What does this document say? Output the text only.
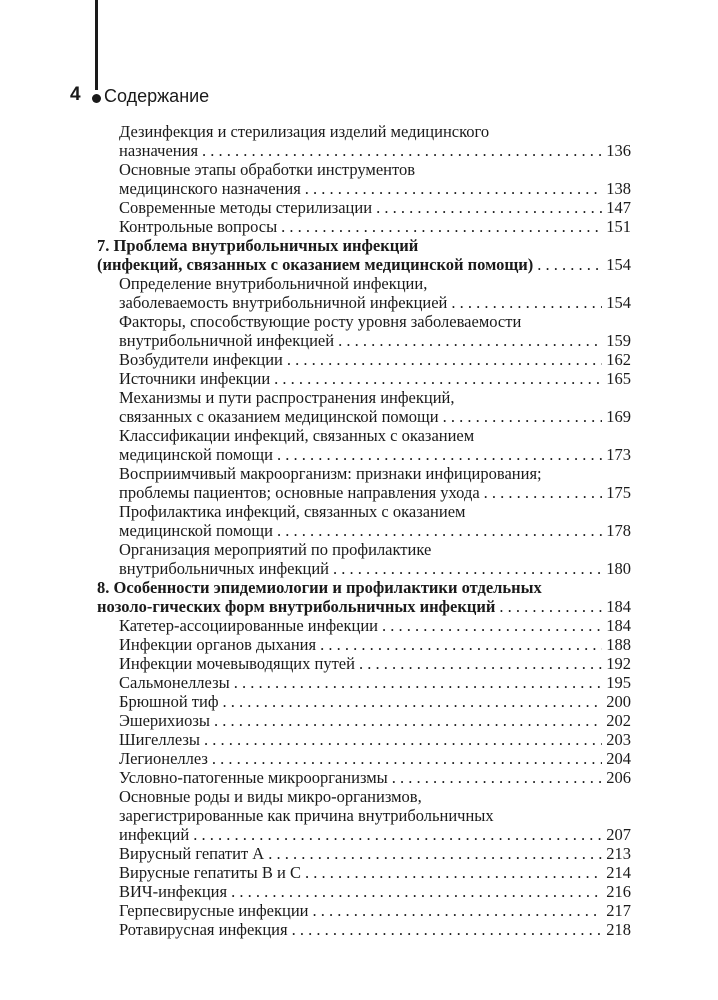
4 Содержание
Дезинфекция и стерилизация изделий медицинского
назначения . . .	136
Основные этапы обработки инструментов
медицинского назначения . . .	138
Современные методы стерилизации . . .	147
Контрольные вопросы . . .	151
7. Проблема внутрибольничных инфекций
(инфекций, связанных с оказанием медицинской помощи) . . .	154
Определение внутрибольничной инфекции,
заболеваемость внутрибольничной инфекцией . . .	154
Факторы, способствующие росту уровня заболеваемости
внутрибольничной инфекцией . . .	159
Возбудители инфекции . . .	162
Источники инфекции . . .	165
Механизмы и пути распространения инфекций,
связанных с оказанием медицинской помощи . . .	169
Классификации инфекций, связанных с оказанием
медицинской помощи . . .	173
Восприимчивый макроорганизм: признаки инфицирования;
проблемы пациентов; основные направления ухода . . .	175
Профилактика инфекций, связанных с оказанием
медицинской помощи . . .	178
Организация мероприятий по профилактике
внутрибольничных инфекций . . .	180
8. Особенности эпидемиологии и профилактики отдельных
нозоло-гических форм внутрибольничных инфекций . . .	184
Катетер-ассоциированные инфекции . . .	184
Инфекции органов дыхания . . .	188
Инфекции мочевыводящих путей . . .	192
Сальмонеллезы . . .	195
Брюшной тиф . . .	200
Эшерихиозы . . .	202
Шигеллезы . . .	203
Легионеллез . . .	204
Условно-патогенные микроорганизмы . . .	206
Основные роды и виды микро-организмов,
зарегистрированные как причина внутрибольничных
инфекций . . .	207
Вирусный гепатит А . . .	213
Вирусные гепатиты В и С . . .	214
ВИЧ-инфекция . . .	216
Герпесвирусные инфекции . . .	217
Ротавирусная инфекция . . .	218
